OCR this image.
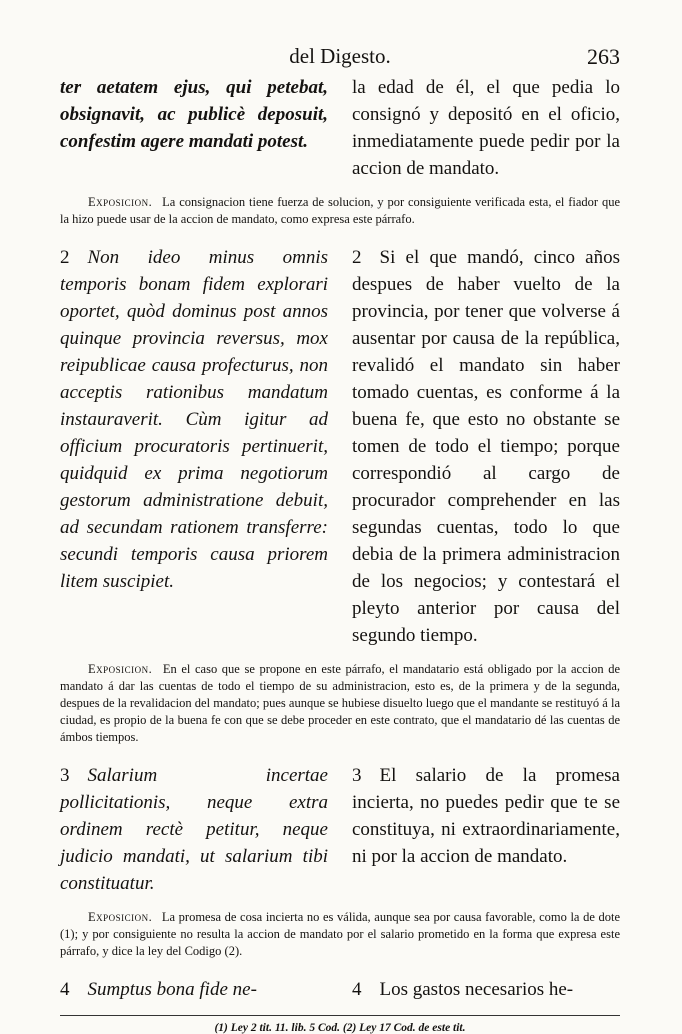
del Digesto.	263
ter aetatem ejus, qui petebat, obsignavit, ac publicè deposuit, confestim agere mandati potest.
la edad de él, el que pedia lo consignó y depositó en el oficio, inmediatamente puede pedir por la accion de mandato.
Exposicion. La consignacion tiene fuerza de solucion, y por consiguiente verificada esta, el fiador que la hizo puede usar de la accion de mandato, como expresa este párrafo.
2 Non ideo minus omnis temporis bonam fidem explorari oportet, quòd dominus post annos quinque provincia reversus, mox reipublicae causa profecturus, non acceptis rationibus mandatum instauraverit. Cùm igitur ad officium procuratoris pertinuerit, quidquid ex prima negotiorum gestorum administratione debuit, ad secundam rationem transferre: secundi temporis causa priorem litem suscipiet.
2 Si el que mandó, cinco años despues de haber vuelto de la provincia, por tener que volverse á ausentar por causa de la república, revalidó el mandato sin haber tomado cuentas, es conforme á la buena fe, que esto no obstante se tomen de todo el tiempo; porque correspondió al cargo de procurador comprehender en las segundas cuentas, todo lo que debia de la primera administracion de los negocios; y contestará el pleyto anterior por causa del segundo tiempo.
Exposicion. En el caso que se propone en este párrafo, el mandatario está obligado por la accion de mandato á dar las cuentas de todo el tiempo de su administracion, esto es, de la primera y de la segunda, despues de la revalidacion del mandato; pues aunque se hubiese disuelto luego que el mandante se restituyó á la ciudad, es propio de la buena fe con que se debe proceder en este contrato, que el mandatario dé las cuentas de ámbos tiempos.
3 Salarium incertae pollicitationis, neque extra ordinem rectè petitur, neque judicio mandati, ut salarium tibi constituatur.
3 El salario de la promesa incierta, no puedes pedir que te se constituya, ni extraordinariamente, ni por la accion de mandato.
Exposicion. La promesa de cosa incierta no es válida, aunque sea por causa favorable, como la de dote (1); y por consiguiente no resulta la accion de mandato por el salario prometido en la forma que expresa este párrafo, y dice la ley del Codigo (2).
4 Sumptus bona fide ne-	4 Los gastos necesarios he-
(1) Ley 2 tit. 11. lib. 5 Cod. (2) Ley 17 Cod. de este tit.
